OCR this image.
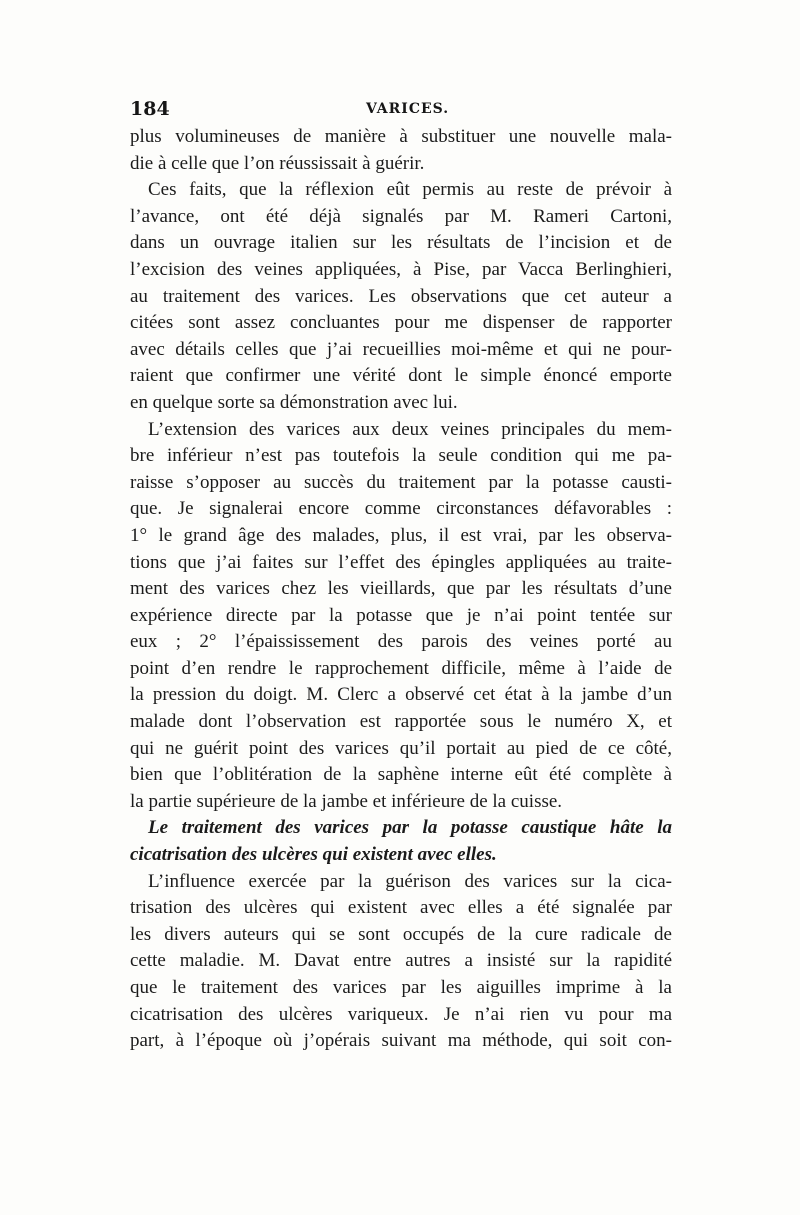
184	VARICES.
plus volumineuses de manière à substituer une nouvelle mala-
die à celle que l’on réussissait à guérir.
Ces faits, que la réflexion eût permis au reste de prévoir à
l’avance, ont été déjà signalés par M. Rameri Cartoni,
dans un ouvrage italien sur les résultats de l’incision et de
l’excision des veines appliquées, à Pise, par Vacca Berlinghieri,
au traitement des varices. Les observations que cet auteur a
citées sont assez concluantes pour me dispenser de rapporter
avec détails celles que j’ai recueillies moi-même et qui ne pour-
raient que confirmer une vérité dont le simple énoncé emporte
en quelque sorte sa démonstration avec lui.
L’extension des varices aux deux veines principales du mem-
bre inférieur n’est pas toutefois la seule condition qui me pa-
raisse s’opposer au succès du traitement par la potasse causti-
que. Je signalerai encore comme circonstances défavorables :
1° le grand âge des malades, plus, il est vrai, par les observa-
tions que j’ai faites sur l’effet des épingles appliquées au traite-
ment des varices chez les vieillards, que par les résultats d’une
expérience directe par la potasse que je n’ai point tentée sur
eux ; 2° l’épaississement des parois des veines porté au
point d’en rendre le rapprochement difficile, même à l’aide de
la pression du doigt. M. Clerc a observé cet état à la jambe d’un
malade dont l’observation est rapportée sous le numéro X, et
qui ne guérit point des varices qu’il portait au pied de ce côté,
bien que l’oblitération de la saphène interne eût été complète à
la partie supérieure de la jambe et inférieure de la cuisse.
Le traitement des varices par la potasse caustique hâte la
cicatrisation des ulcères qui existent avec elles.
L’influence exercée par la guérison des varices sur la cica-
trisation des ulcères qui existent avec elles a été signalée par
les divers auteurs qui se sont occupés de la cure radicale de
cette maladie. M. Davat entre autres a insisté sur la rapidité
que le traitement des varices par les aiguilles imprime à la
cicatrisation des ulcères variqueux. Je n’ai rien vu pour ma
part, à l’époque où j’opérais suivant ma méthode, qui soit con-
